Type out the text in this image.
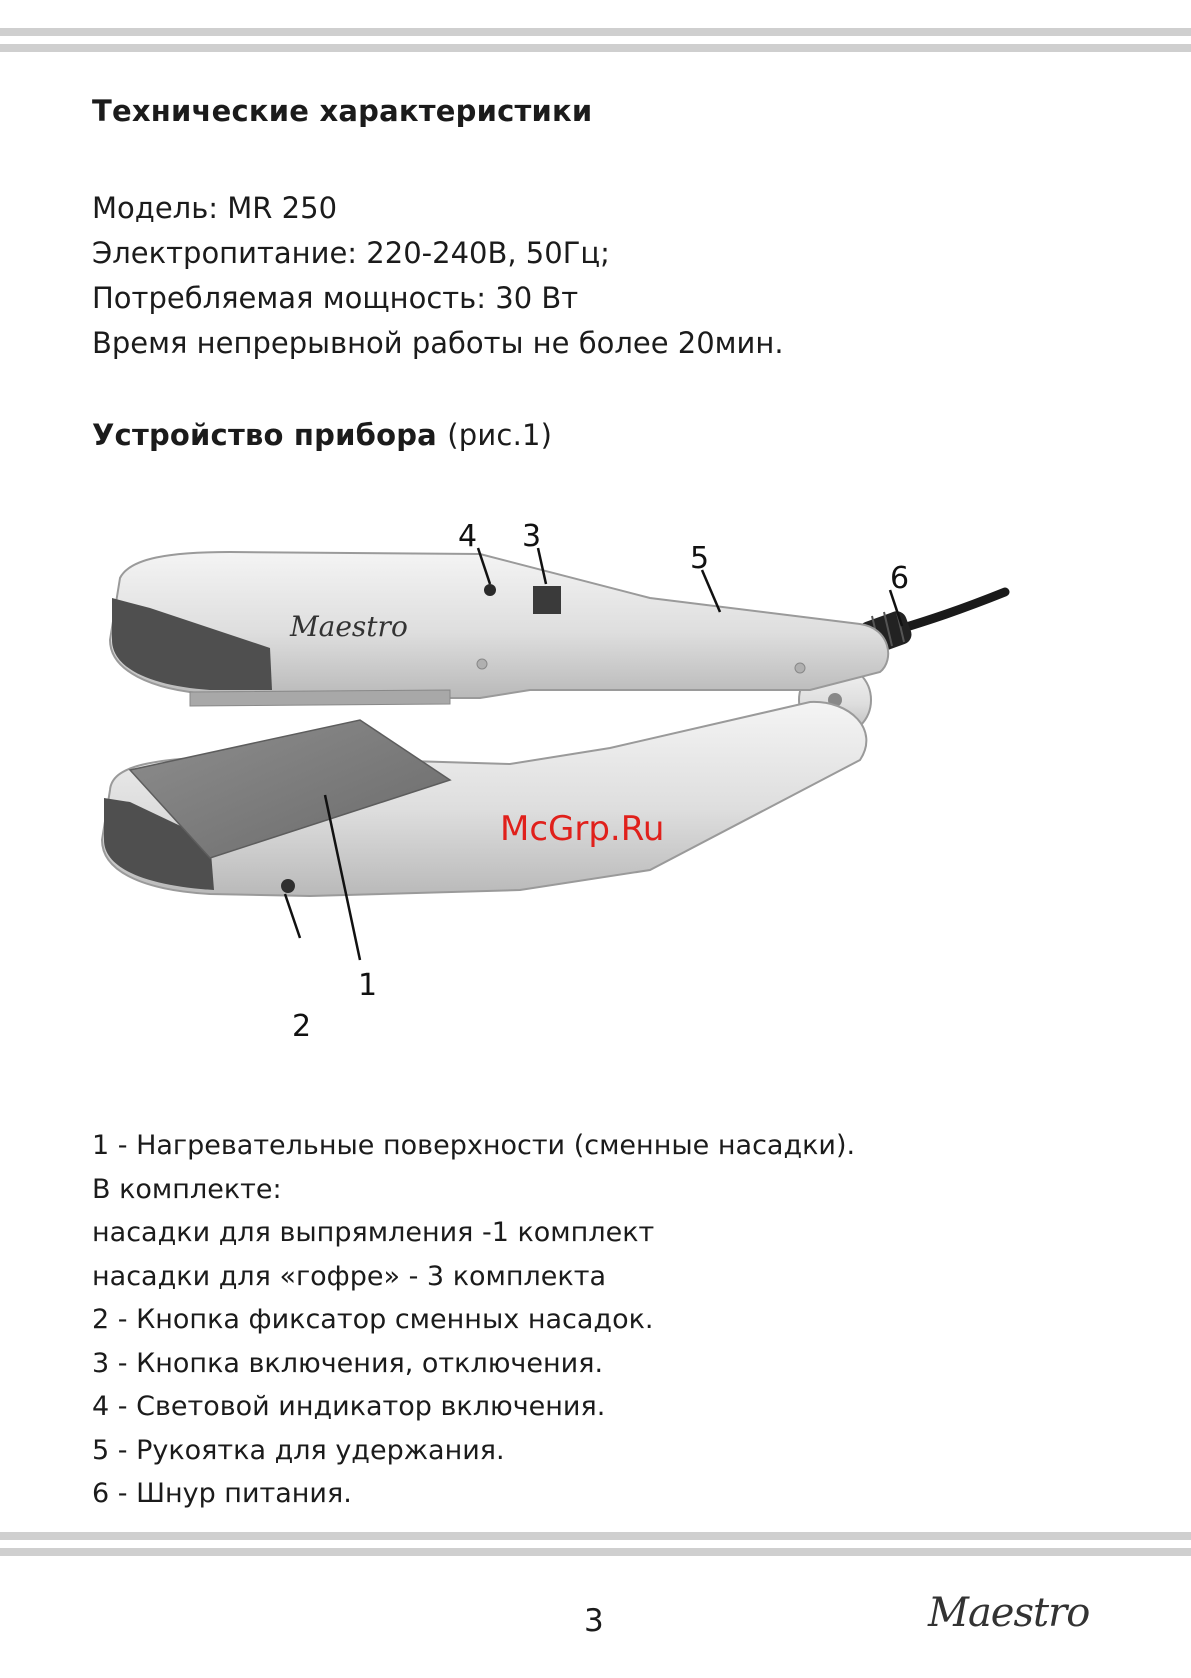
Технические характеристики
Модель: MR 250
Электропитание: 220-240В, 50Гц;
Потребляемая мощность: 30 Вт
Время непрерывной работы не более 20мин.
Устройство прибора (рис.1)
Maestro
4 3
5
6
1
2
McGrp.Ru
1 - Нагревательные поверхности (сменные насадки).
В комплекте:
насадки для выпрямления -1 комплект
насадки для «гофре» - 3 комплекта
2 - Кнопка фиксатор сменных насадок.
3 - Кнопка включения, отключения.
4 - Световой индикатор включения.
5 - Рукоятка для удержания.
6 - Шнур питания.
3	Maestro
